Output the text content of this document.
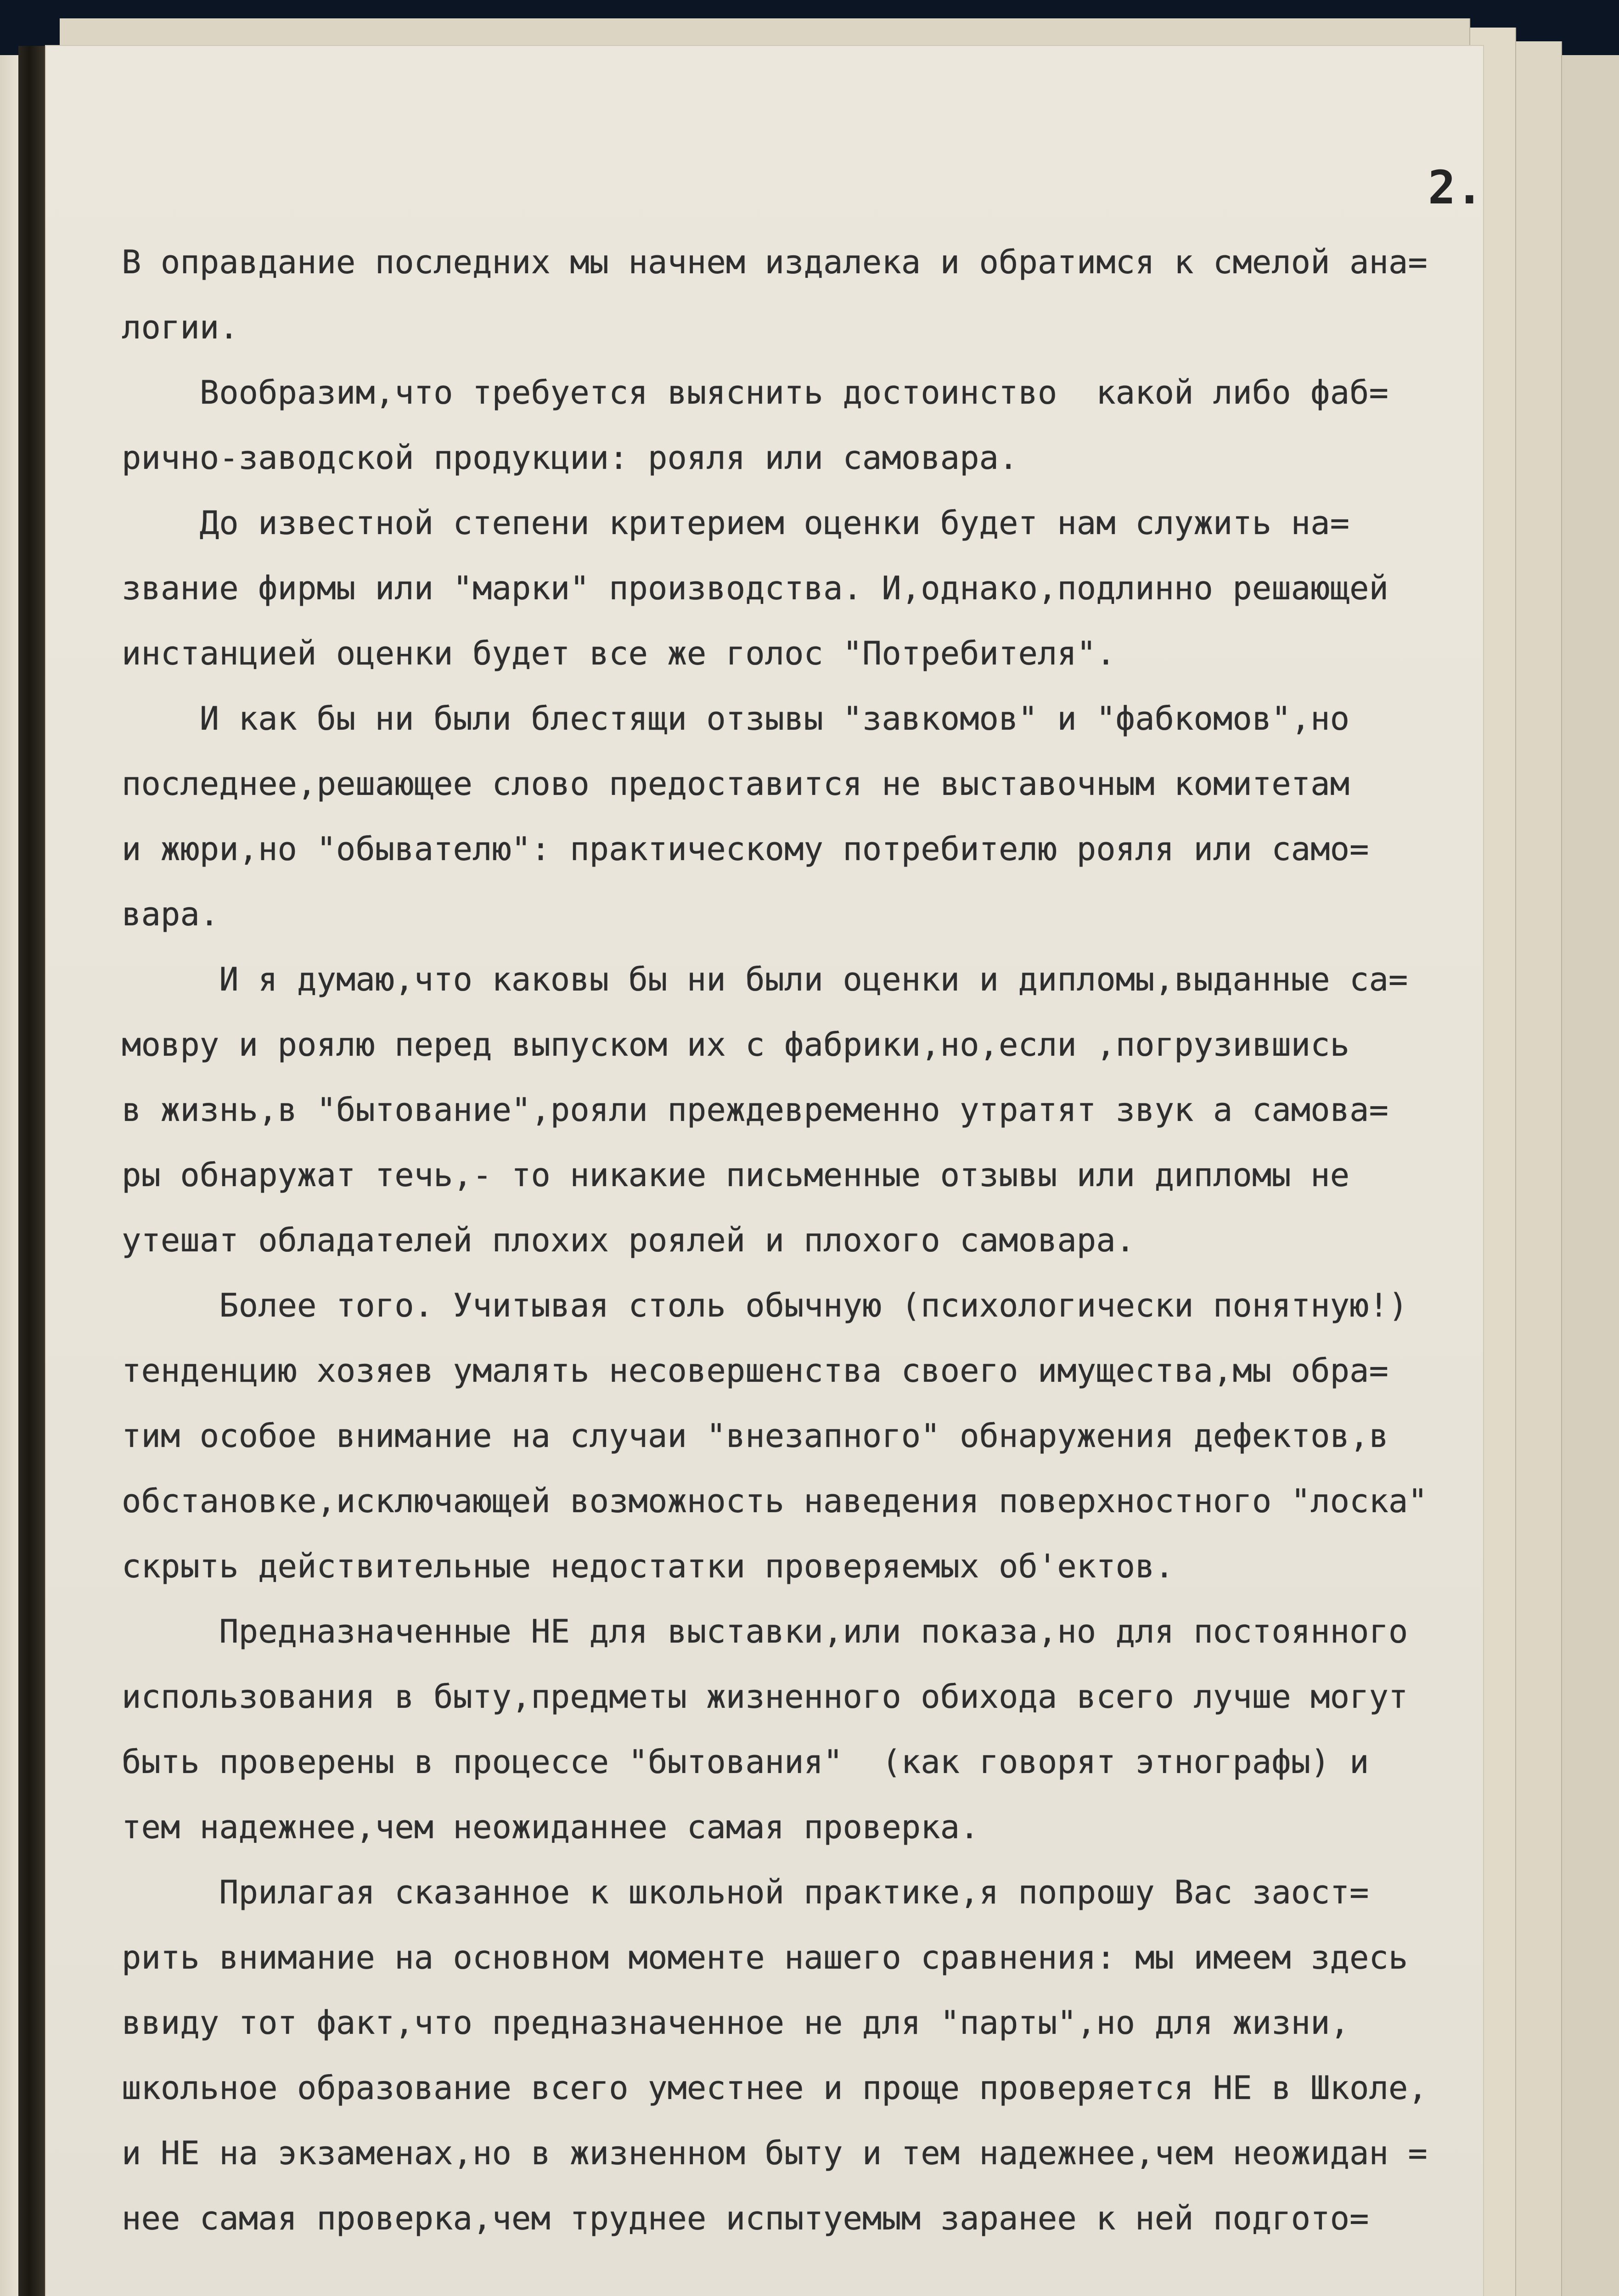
2.
В оправдание последних мы начнем издалека и обратимся к смелой ана=
логии.
Вообразим,что требуется выяснить достоинство  какой либо фаб=
рично-заводской продукции: рояля или самовара.
До известной степени критерием оценки будет нам служить на=
звание фирмы или "марки" производства. И,однако,подлинно решающей
инстанцией оценки будет все же голос "Потребителя".
И как бы ни были блестящи отзывы "завкомов" и "фабкомов",но
последнее,решающее слово предоставится не выставочным комитетам
и жюри,но "обывателю": практическому потребителю рояля или само=
вара.
И я думаю,что каковы бы ни были оценки и дипломы,выданные са=
мовру и роялю перед выпуском их с фабрики,но,если ,погрузившись
в жизнь,в "бытование",рояли преждевременно утратят звук а самова=
ры обнаружат течь,- то никакие письменные отзывы или дипломы не
утешат обладателей плохих роялей и плохого самовара.
Более того. Учитывая столь обычную (психологически понятную!)
тенденцию хозяев умалять несовершенства своего имущества,мы обра=
тим особое внимание на случаи "внезапного" обнаружения дефектов,в
обстановке,исключающей возможность наведения поверхностного "лоска"
скрыть действительные недостатки проверяемых об'ектов.
Предназначенные НЕ для выставки,или показа,но для постоянного
использования в быту,предметы жизненного обихода всего лучше могут
быть проверены в процессе "бытования"  (как говорят этнографы) и
тем надежнее,чем неожиданнее самая проверка.
Прилагая сказанное к школьной практике,я попрошу Вас заост=
рить внимание на основном моменте нашего сравнения: мы имеем здесь
ввиду тот факт,что предназначенное не для "парты",но для жизни,
школьное образование всего уместнее и проще проверяется НЕ в Школе,
и НЕ на экзаменах,но в жизненном быту и тем надежнее,чем неожидан =
нее самая проверка,чем труднее испытуемым заранее к ней подгото=
